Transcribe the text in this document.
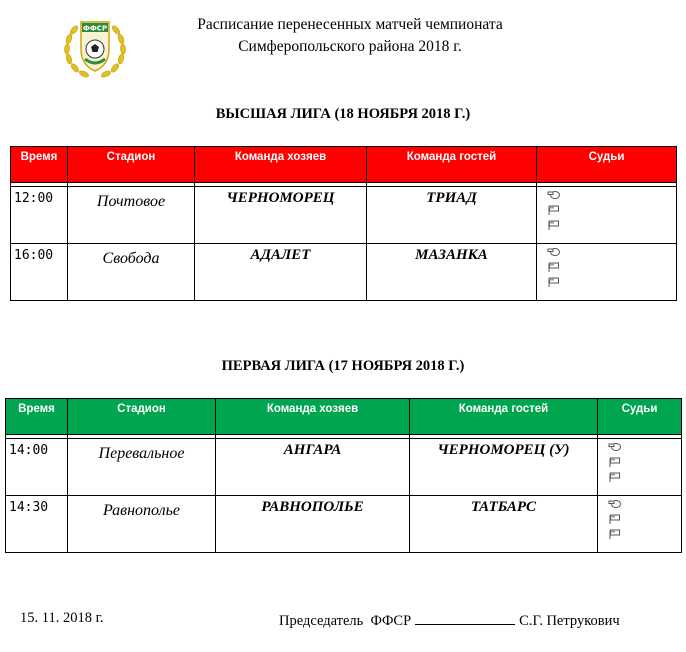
ФФСР	Расписание перенесенных матчей чемпионата
Симферопольского района 2018 г.
ВЫСШАЯ ЛИГА (18 НОЯБРЯ 2018 Г.)
Время	Стадион	Команда хозяев	Команда гостей	Судьи

12:00	Почтовое	ЧЕРНОМОРЕЦ	ТРИАД	

16:00	Свобода	АДАЛЕТ	МАЗАНКА	
ПЕРВАЯ ЛИГА (17 НОЯБРЯ 2018 Г.)
Время	Стадион	Команда хозяев	Команда гостей	Судьи

14:00	Перевальное	АНГАРА	ЧЕРНОМОРЕЦ (У)	

14:30	Равнополье	РАВНОПОЛЬЕ	ТАТБАРС	
15. 11. 2018 г.	Председатель  ФФСР	С.Г. Петрукович
